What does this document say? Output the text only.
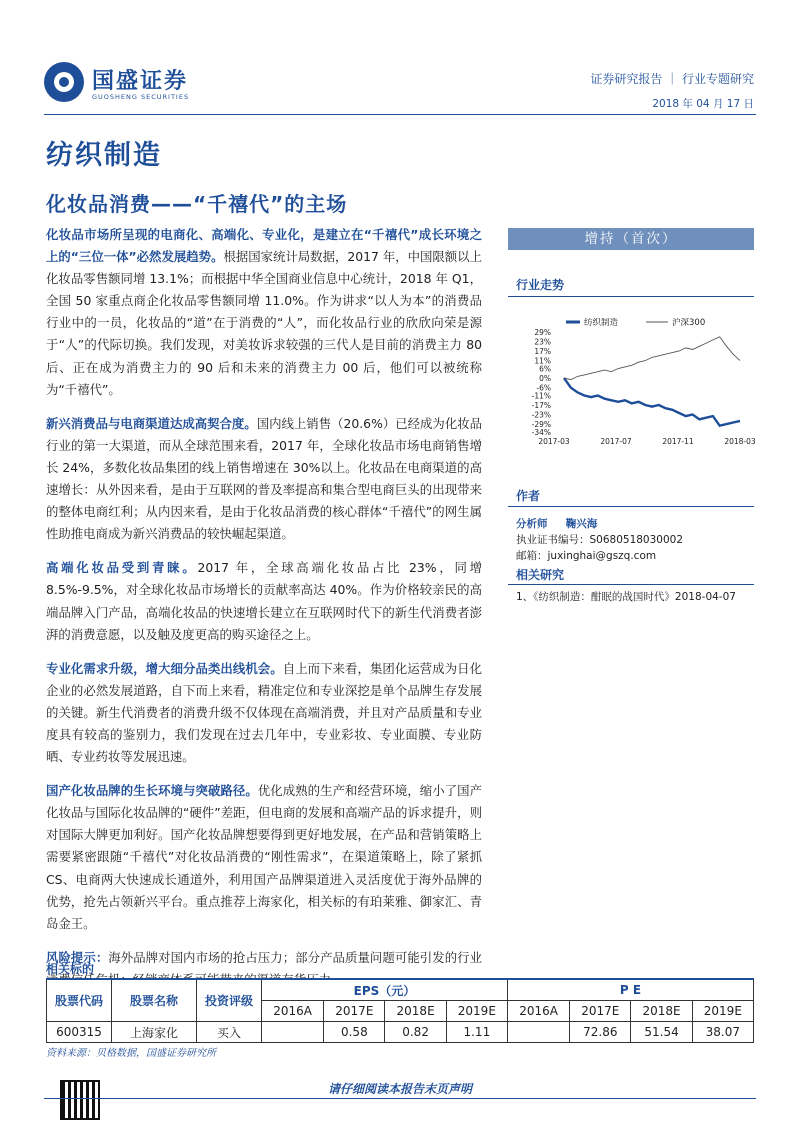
国盛证券
GUOSHENG SECURITIES
证券研究报告 ｜ 行业专题研究
2018 年 04 月 17 日
纺织制造
化妆品消费——“千禧代”的主场

化妆品市场所呈现的电商化、高端化、专业化，是建立在“千禧代”成长环境之上的“三位一体”必然发展趋势。根据国家统计局数据，2017 年，中国限额以上化妆品零售额同增 13.1%；而根据中华全国商业信息中心统计，2018 年 Q1，全国 50 家重点商企化妆品零售额同增 11.0%。作为讲求“以人为本”的消费品行业中的一员，化妆品的“道”在于消费的“人”，而化妆品行业的欣欣向荣是源于“人”的代际切换。我们发现，对美妆诉求较强的三代人是目前的消费主力 80 后、正在成为消费主力的 90 后和未来的消费主力 00 后，他们可以被统称为“千禧代”。

新兴消费品与电商渠道达成高契合度。国内线上销售（20.6%）已经成为化妆品行业的第一大渠道，而从全球范围来看，2017 年，全球化妆品市场电商销售增长 24%，多数化妆品集团的线上销售增速在 30%以上。化妆品在电商渠道的高速增长：从外因来看，是由于互联网的普及率提高和集合型电商巨头的出现带来的整体电商红利；从内因来看，是由于化妆品消费的核心群体“千禧代”的网生属性助推电商成为新兴消费品的较快崛起渠道。

高端化妆品受到青睐。2017 年，全球高端化妆品占比 23%，同增 8.5%-9.5%，对全球化妆品市场增长的贡献率高达 40%。作为价格较亲民的高端品牌入门产品，高端化妆品的快速增长建立在互联网时代下的新生代消费者澎湃的消费意愿，以及触及度更高的购买途径之上。

专业化需求升级，增大细分品类出线机会。自上而下来看，集团化运营成为日化企业的必然发展道路，自下而上来看，精准定位和专业深挖是单个品牌生存发展的关键。新生代消费者的消费升级不仅体现在高端消费，并且对产品质量和专业度具有较高的鉴别力，我们发现在过去几年中，专业彩妆、专业面膜、专业防晒、专业药妆等发展迅速。

国产化妆品牌的生长环境与突破路径。优化成熟的生产和经营环境，缩小了国产化妆品与国际化妆品牌的“硬件”差距，但电商的发展和高端产品的诉求提升，则对国际大牌更加利好。国产化妆品牌想要得到更好地发展，在产品和营销策略上需要紧密跟随“千禧代”对化妆品消费的“刚性需求”，在渠道策略上，除了紧抓 CS、电商两大快速成长通道外，利用国产品牌渠道进入灵活度优于海外品牌的优势，抢先占领新兴平台。重点推荐上海家化，相关标的有珀莱雅、御家汇、青岛金王。

风险提示：海外品牌对国内市场的抢占压力；部分产品质量问题可能引发的行业

增持（首次）
行业走势
纺织制造	沪深300
29%
23%
17%
11%
6%
0%
-6%
-11%
-17%
-23%
-29%
-34%
2017-03	2017-07	2017-11	2018-03
作者
分析师 鞠兴海
执业证书编号：S0680518030002
邮箱：juxinghai@gszq.com
相关研究
1、《纺织制造：酣眠的战国时代》2018-04-07
相关标的
股票代码	股票名称	投资评级	EPS（元）				P E			
			2016A	2017E	2018E	2019E	2016A	2017E	2018E	2019E
600315	上海家化	买入		0.58	0.82	1.11		72.86	51.54	38.07
资料来源：贝格数据，国盛证券研究所
请仔细阅读本报告末页声明
